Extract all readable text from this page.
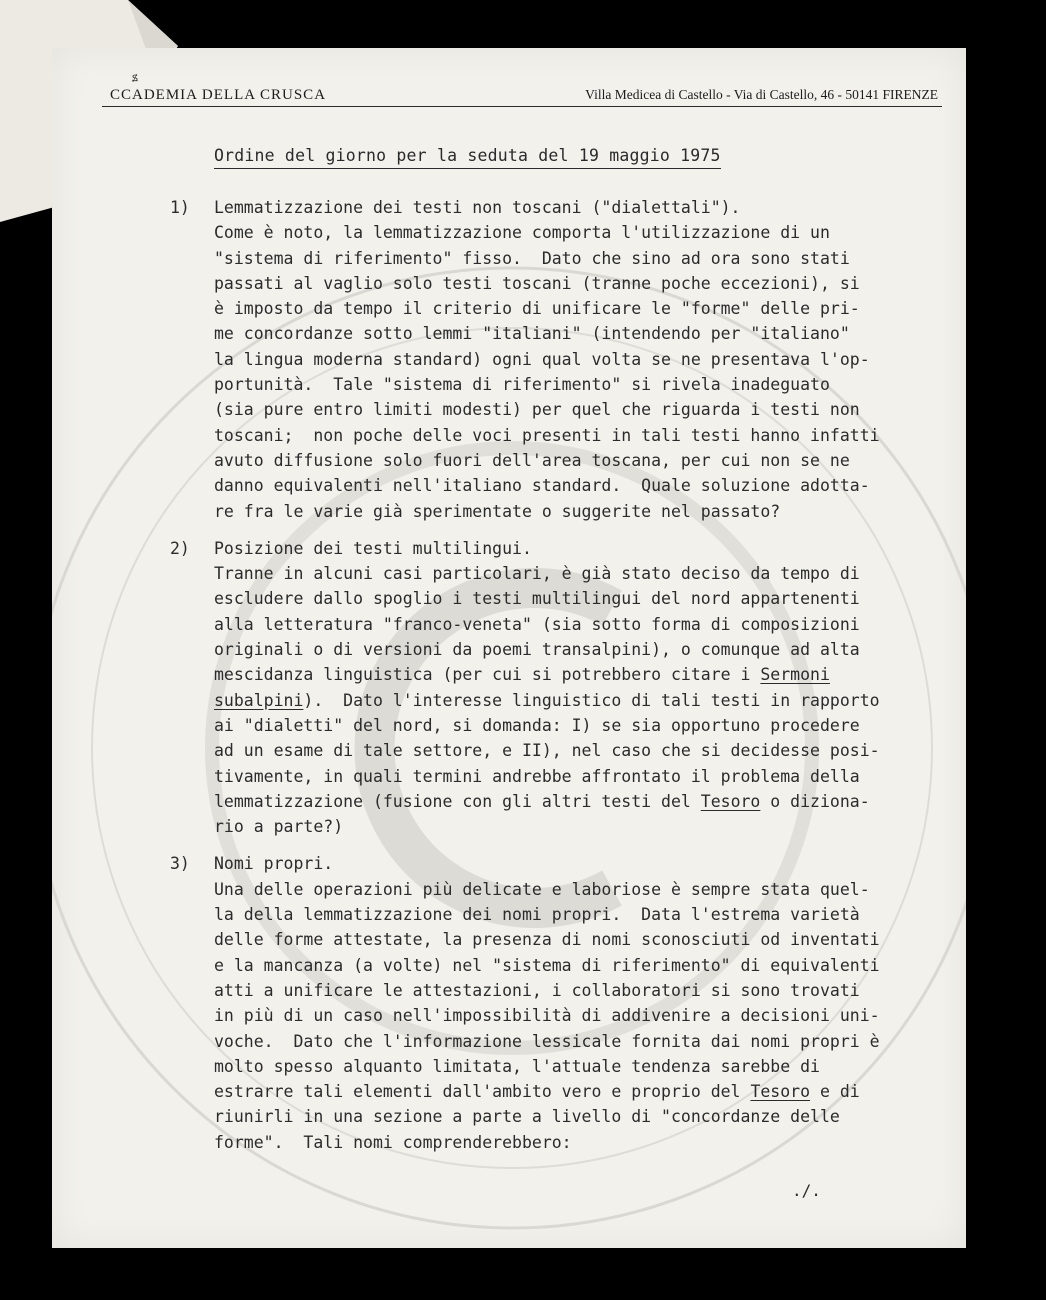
ꟍ
CCADEMIA DELLA CRUSCA	Villa Medicea di Castello - Via di Castello, 46 - 50141 FIRENZE
Ordine del giorno per la seduta del 19 maggio 1975
1)	Lemmatizzazione dei testi non toscani ("dialettali").
Come è noto, la lemmatizzazione comporta l'utilizzazione di un
"sistema di riferimento" fisso.  Dato che sino ad ora sono stati
passati al vaglio solo testi toscani (tranne poche eccezioni), si
è imposto da tempo il criterio di unificare le "forme" delle pri-
me concordanze sotto lemmi "italiani" (intendendo per "italiano"
la lingua moderna standard) ogni qual volta se ne presentava l'op-
portunità.  Tale "sistema di riferimento" si rivela inadeguato
(sia pure entro limiti modesti) per quel che riguarda i testi non
toscani;  non poche delle voci presenti in tali testi hanno infatti
avuto diffusione solo fuori dell'area toscana, per cui non se ne
danno equivalenti nell'italiano standard.  Quale soluzione adotta-
re fra le varie già sperimentate o suggerite nel passato?
2)	Posizione dei testi multilingui.
Tranne in alcuni casi particolari, è già stato deciso da tempo di
escludere dallo spoglio i testi multilingui del nord appartenenti
alla letteratura "franco-veneta" (sia sotto forma di composizioni
originali o di versioni da poemi transalpini), o comunque ad alta
mescidanza linguistica (per cui si potrebbero citare i Sermoni
subalpini).  Dato l'interesse linguistico di tali testi in rapporto
ai "dialetti" del nord, si domanda: I) se sia opportuno procedere
ad un esame di tale settore, e II), nel caso che si decidesse posi-
tivamente, in quali termini andrebbe affrontato il problema della
lemmatizzazione (fusione con gli altri testi del Tesoro o diziona-
rio a parte?)
3)	Nomi propri.
Una delle operazioni più delicate e laboriose è sempre stata quel-
la della lemmatizzazione dei nomi propri.  Data l'estrema varietà
delle forme attestate, la presenza di nomi sconosciuti od inventati
e la mancanza (a volte) nel "sistema di riferimento" di equivalenti
atti a unificare le attestazioni, i collaboratori si sono trovati
in più di un caso nell'impossibilità di addivenire a decisioni uni-
voche.  Dato che l'informazione lessicale fornita dai nomi propri è
molto spesso alquanto limitata, l'attuale tendenza sarebbe di
estrarre tali elementi dall'ambito vero e proprio del Tesoro e di
riunirli in una sezione a parte a livello di "concordanze delle
forme".  Tali nomi comprenderebbero:
./.
